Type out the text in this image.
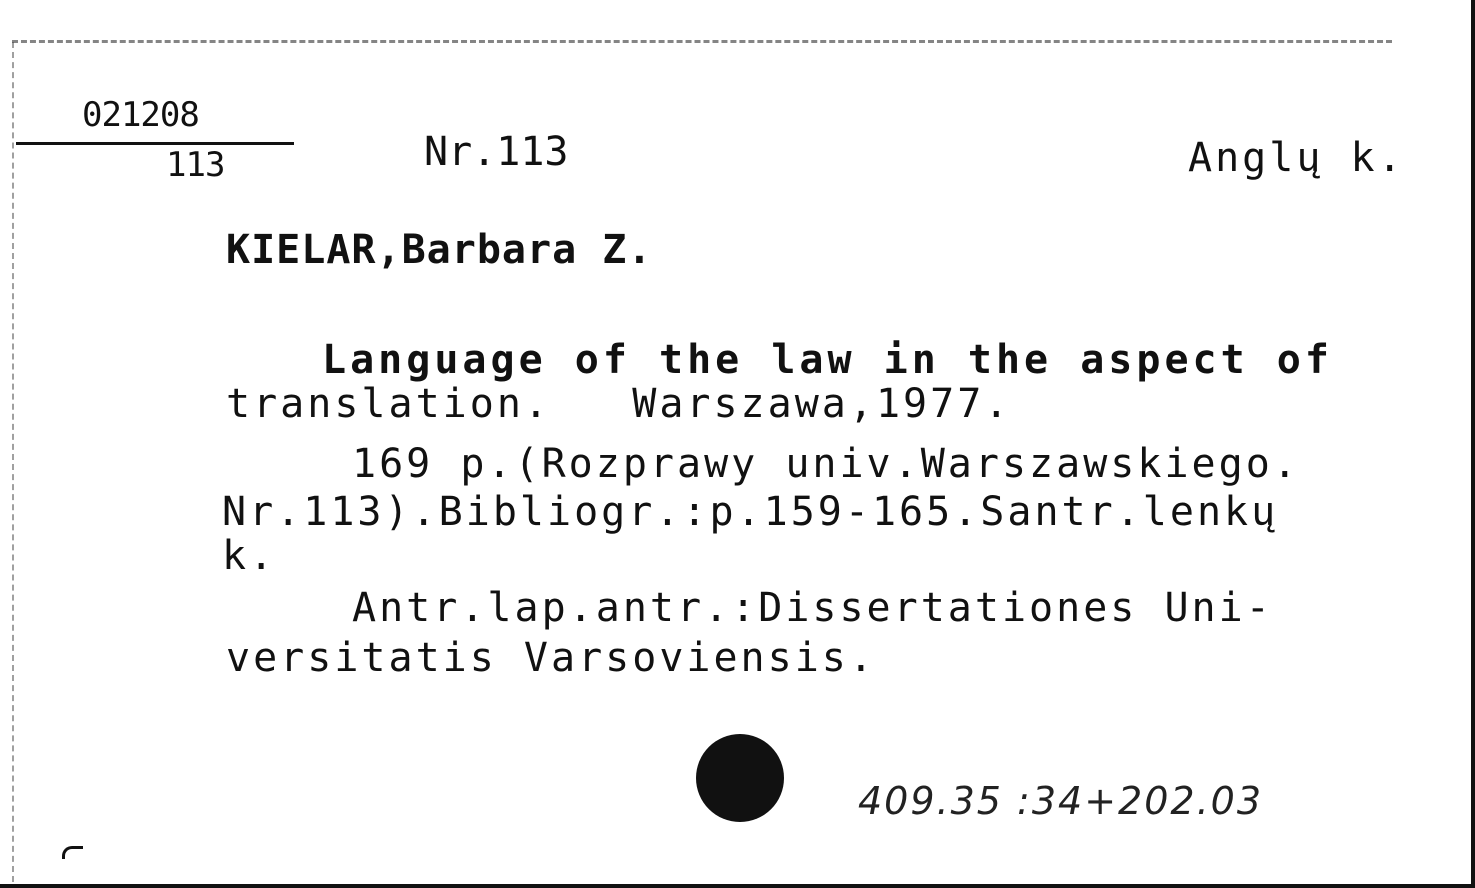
021208
113	Nr.113	Anglų k.
KIELAR,Barbara Z.
Language of the law in the aspect of
translation.   Warszawa,1977.
169 p.(Rozprawy univ.Warszawskiego.
Nr.113).Bibliogr.:p.159-165.Santr.lenkų
k.
Antr.lap.antr.:Dissertationes Uni-
versitatis Varsoviensis.
409.35 :34+202.03
